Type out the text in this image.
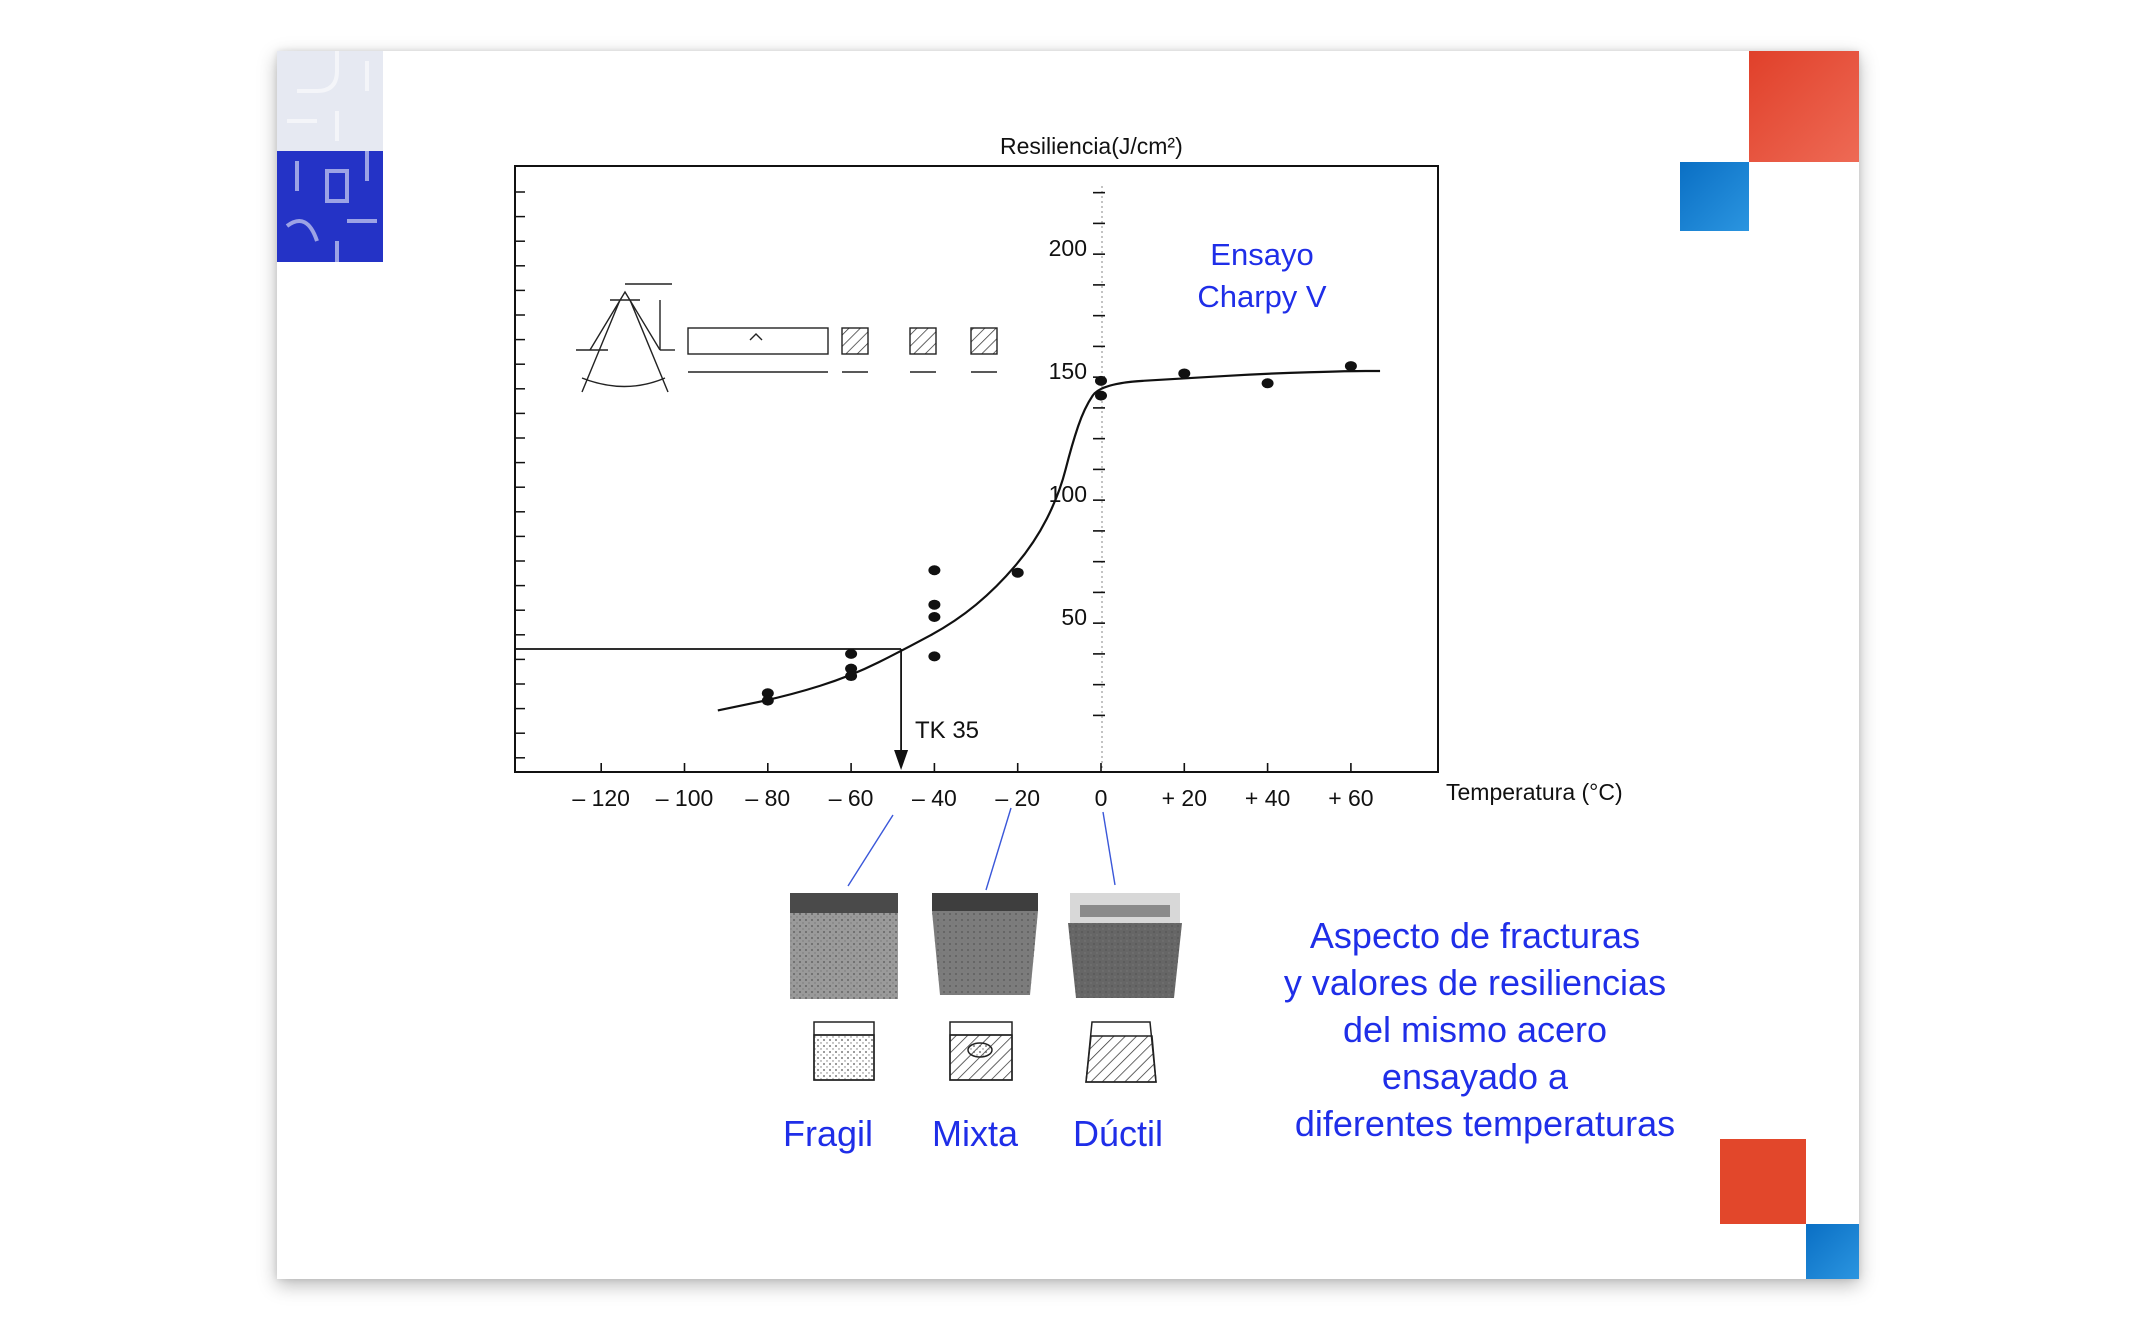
50
100
150
200
– 120 – 100 – 80 – 60 – 40 – 20 0 + 20 + 40 + 60
Resiliencia(J/cm²)
Temperatura (°C)
Ensayo
Charpy V
TK 35
Fragil Mixta Dúctil
Aspecto de fracturas
y valores de resiliencias
del mismo acero
ensayado a
diferentes temperaturas
